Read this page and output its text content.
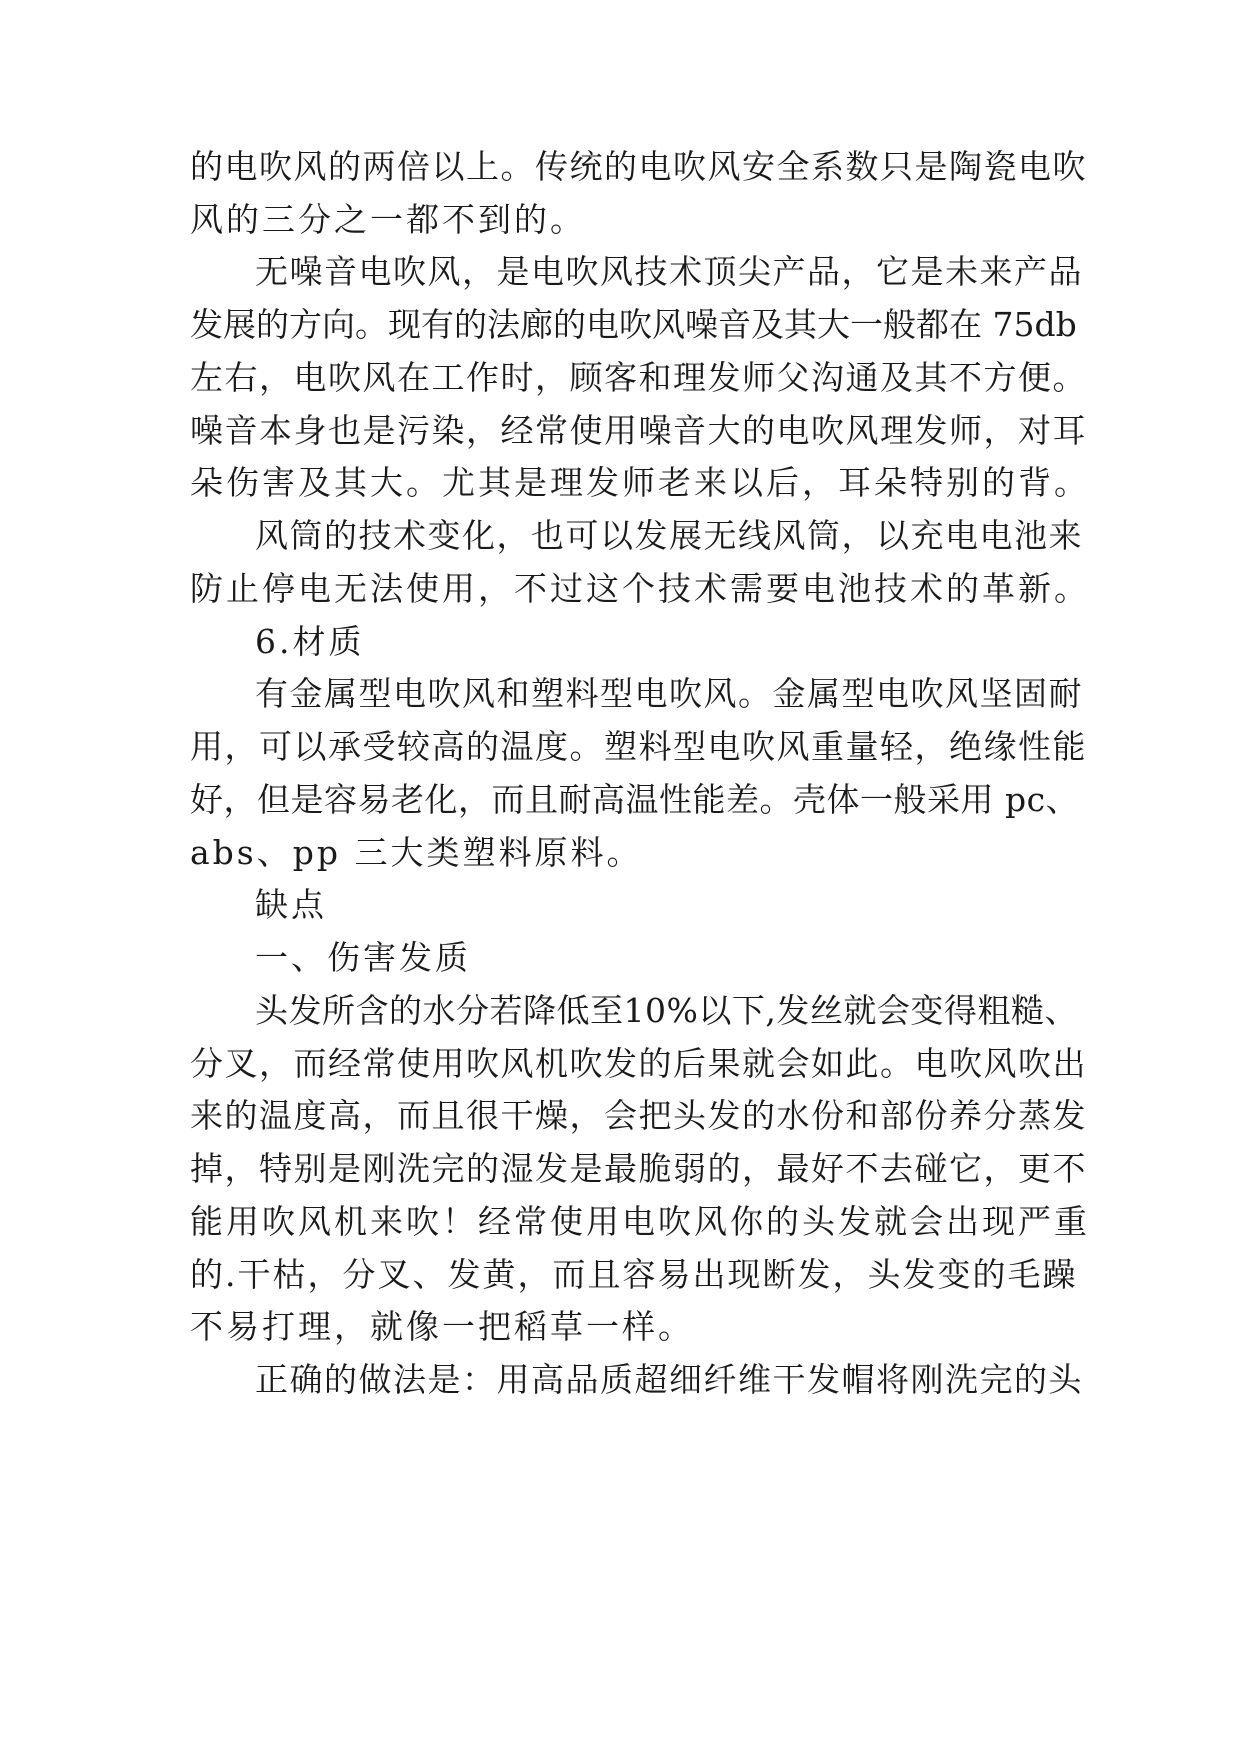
的电吹风的两倍以上。传统的电吹风安全系数只是陶瓷电吹
风的三分之一都不到的。
无噪音电吹风，是电吹风技术顶尖产品，它是未来产品
发展的方向。现有的法廊的电吹风噪音及其大一般都在 75db
左右，电吹风在工作时，顾客和理发师父沟通及其不方便。
噪音本身也是污染，经常使用噪音大的电吹风理发师，对耳
朵伤害及其大。尤其是理发师老来以后，耳朵特别的背。
风筒的技术变化，也可以发展无线风筒，以充电电池来
防止停电无法使用，不过这个技术需要电池技术的革新。
6.材质
有金属型电吹风和塑料型电吹风。金属型电吹风坚固耐
用，可以承受较高的温度。塑料型电吹风重量轻，绝缘性能
好，但是容易老化，而且耐高温性能差。壳体一般采用 pc、
abs、pp 三大类塑料原料。
缺点
一、伤害发质
头发所含的水分若降低至10%以下,发丝就会变得粗糙、
分叉，而经常使用吹风机吹发的后果就会如此。电吹风吹出
来的温度高，而且很干燥，会把头发的水份和部份养分蒸发
掉，特别是刚洗完的湿发是最脆弱的，最好不去碰它，更不
能用吹风机来吹！经常使用电吹风你的头发就会出现严重
的.干枯，分叉、发黄，而且容易出现断发，头发变的毛躁
不易打理，就像一把稻草一样。
正确的做法是：用高品质超细纤维干发帽将刚洗完的头
